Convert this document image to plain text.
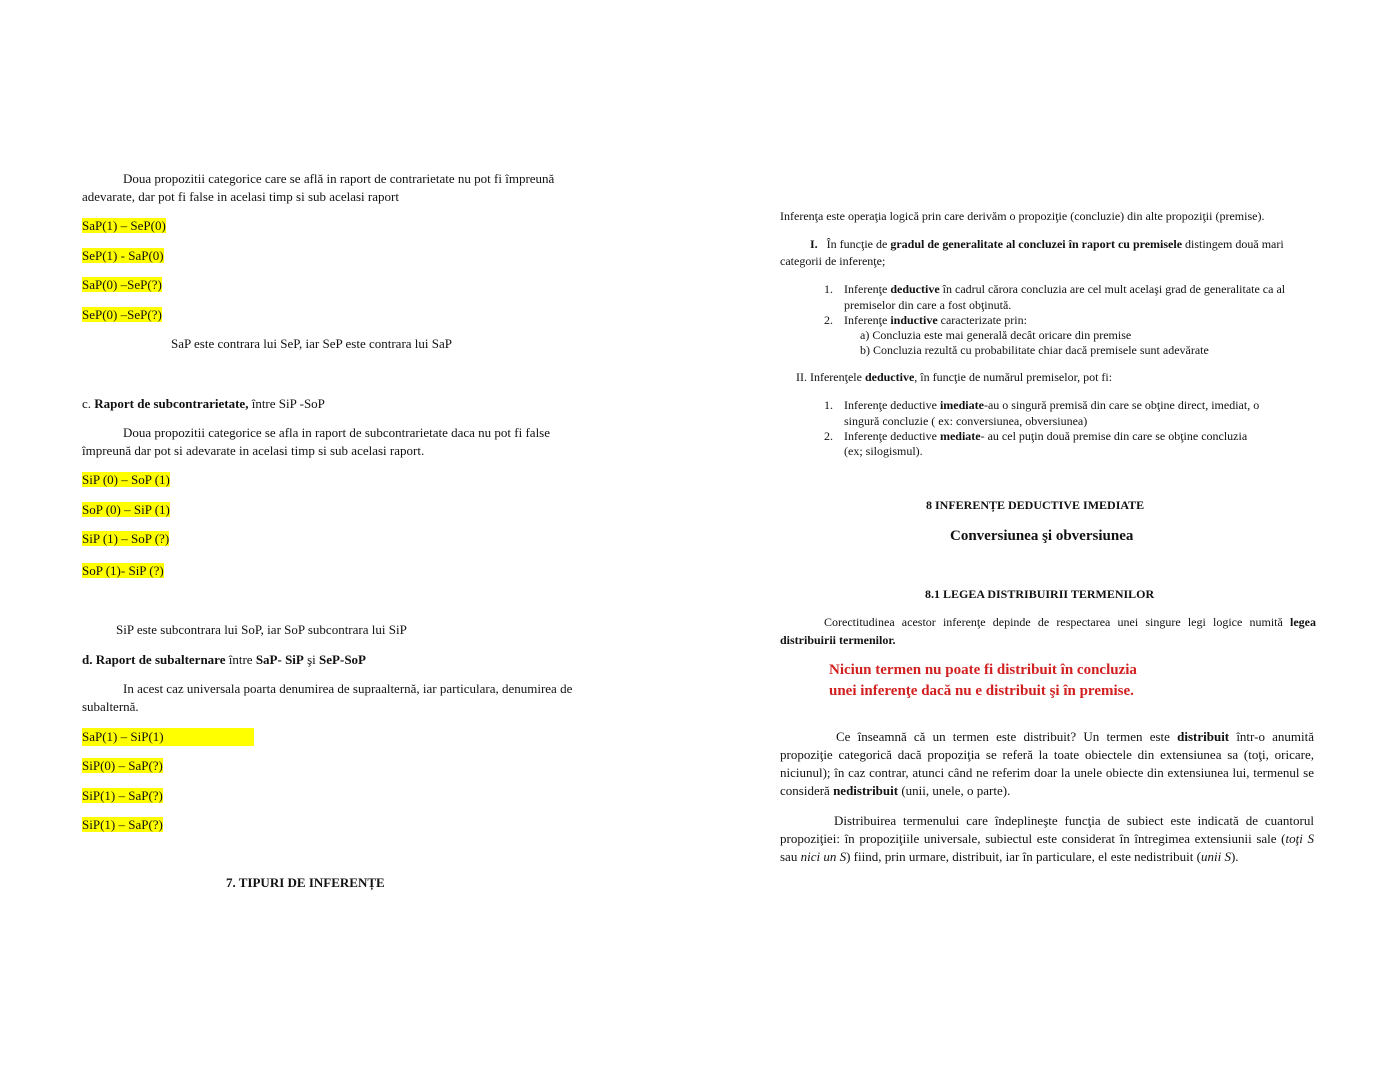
Doua propozitii categorice care se află in raport de contrarietate nu pot fi împreună
adevarate, dar pot fi false in acelasi timp si sub acelasi raport
SaP(1) – SeP(0)
SeP(1) - SaP(0)
SaP(0) –SeP(?)
SeP(0) –SeP(?)
SaP este contrara lui SeP, iar SeP este contrara lui SaP
c. Raport de subcontrarietate, între SiP -SoP
Doua propozitii categorice se afla in raport de subcontrarietate daca nu pot fi false
împreună dar pot si adevarate in acelasi timp si sub acelasi raport.
SiP (0) – SoP (1)
SoP (0) – SiP (1)
SiP (1) – SoP (?)
SoP (1)- SiP (?)
SiP este subcontrara lui SoP, iar SoP subcontrara lui SiP
d. Raport de subalternare între SaP- SiP şi SeP-SoP
In acest caz universala poarta denumirea de supraalternă, iar particulara, denumirea de
subalternă.
SaP(1) – SiP(1)
SiP(0) – SaP(?)
SiP(1) – SaP(?)
SiP(1) – SaP(?)
7. TIPURI DE INFERENȚE
Inferenţa este operaţia logică prin care derivăm o propoziţie (concluzie) din alte propoziţii (premise).
I. În funcţie de gradul de generalitate al concluzei în raport cu premisele distingem două mari
categorii de inferenţe;
1. Inferenţe deductive în cadrul cărora concluzia are cel mult acelaşi grad de generalitate ca al
premiselor din care a fost obţinută.
2. Inferenţe inductive caracterizate prin:
a) Concluzia este mai generală decât oricare din premise
b) Concluzia rezultă cu probabilitate chiar dacă premisele sunt adevărate
II. Inferenţele deductive, în funcţie de numărul premiselor, pot fi:
1. Inferenţe deductive imediate-au o singură premisă din care se obţine direct, imediat, o
singură concluzie ( ex: conversiunea, obversiunea)
2. Inferenţe deductive mediate- au cel puţin două premise din care se obţine concluzia
(ex; silogismul).
8 INFERENȚE DEDUCTIVE IMEDIATE
Conversiunea şi obversiunea
8.1 LEGEA DISTRIBUIRII TERMENILOR
Corectitudinea acestor inferenţe depinde de respectarea unei singure legi logice numită legea distribuirii termenilor.
Niciun termen nu poate fi distribuit în concluzia
unei inferenţe dacă nu e distribuit şi în premise.
Ce înseamnă că un termen este distribuit? Un termen este distribuit într-o anumită propoziţie categorică dacă propoziţia se referă la toate obiectele din extensiunea sa (toţi, oricare, niciunul); în caz contrar, atunci când ne referim doar la unele obiecte din extensiunea lui, termenul se consideră nedistribuit (unii, unele, o parte).
Distribuirea termenului care îndeplineşte funcţia de subiect este indicată de cuantorul propoziţiei: în propoziţiile universale, subiectul este considerat în întregimea extensiunii sale (toţi S sau nici un S) fiind, prin urmare, distribuit, iar în particulare, el este nedistribuit (unii S).
